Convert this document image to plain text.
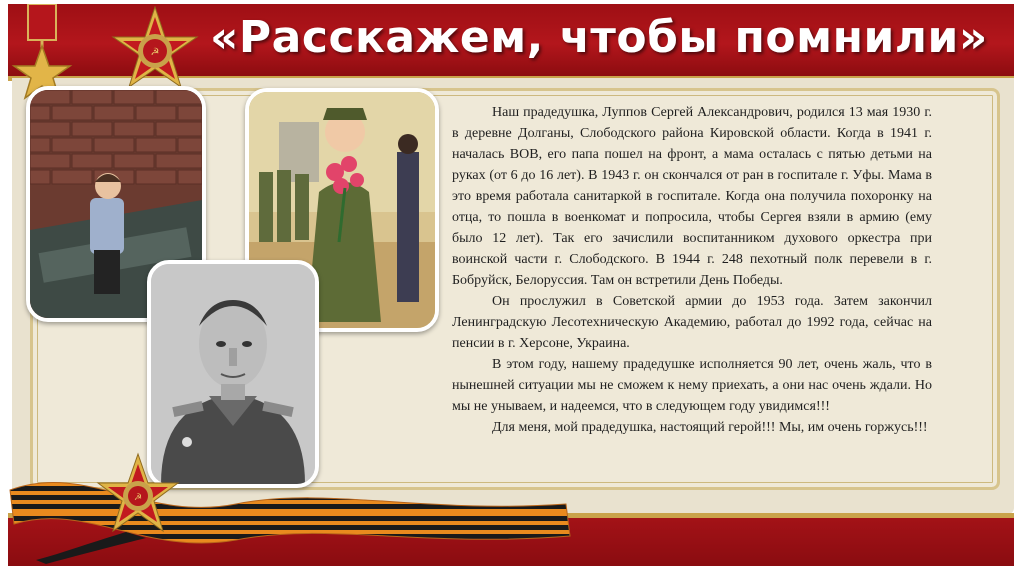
«Расскажем, чтобы помнили»
☭

Наш прадедушка, Луппов Сергей Александрович, родился 13 мая 1930 г. в деревне Долганы, Слободского района Кировской области. Когда в 1941 г. началась ВОВ, его папа пошел на фронт, а мама осталась с пятью детьми на руках (от 6 до 16 лет). В 1943 г. он скончался от ран в госпитале г. Уфы. Мама в это время работала санитаркой в госпитале. Когда она получила похоронку на отца, то пошла в военкомат и попросила, чтобы Сергея взяли в армию (ему было 12 лет). Так его зачислили воспитанником духового оркестра при воинской части г. Слободского. В 1944 г. 248 пехотный полк перевели в г. Бобруйск, Белоруссия. Там он встретили День Победы.

Он прослужил в Советской армии до 1953 года. Затем закончил Ленинградскую Лесотехническую Академию, работал до 1992 года, сейчас на пенсии в г. Херсоне, Украина.

В этом году, нашему прадедушке исполняется 90 лет, очень жаль, что в нынешней ситуации мы не сможем к нему приехать, а они нас очень ждали. Но мы не унываем, и надеемся, что в следующем году увидимся!!!

Для меня, мой прадедушка, настоящий герой!!! Мы, им очень горжусь!!!

☭
